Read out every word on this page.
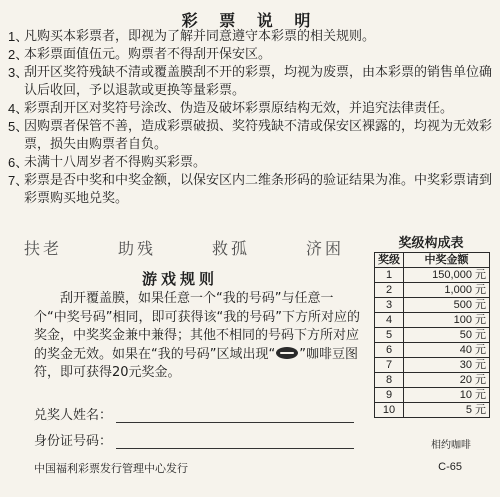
彩 票 说 明
1、
凡购买本彩票者，即视为了解并同意遵守本彩票的相关规则。
2、
本彩票面值伍元。购票者不得刮开保安区。
3、
刮开区奖符残缺不清或覆盖膜刮不开的彩票，均视为废票，由本彩票的销售单位确认后收回，予以退款或更换等量彩票。
4、
彩票刮开区对奖符号涂改、伪造及破坏彩票原结构无效，并追究法律责任。
5、
因购票者保管不善，造成彩票破损、奖符残缺不清或保安区裸露的，均视为无效彩票，损失由购票者自负。
6、
未满十八周岁者不得购买彩票。
7、
彩票是否中奖和中奖金额，以保安区内二维条形码的验证结果为准。中奖彩票请到彩票购买地兑奖。
扶老	助残	救孤	济困
游戏规则

刮开覆盖膜，如果任意一个“我的号码”与任意一个“中奖号码”相同，即可获得该“我的号码”下方所对应的奖金，中奖奖金兼中兼得；其他不相同的号码下方所对应的奖金无效。如果在“我的号码”区域出现“ ”咖啡豆图符，即可获得20元奖金。

兑奖人姓名：
身份证号码：
中国福利彩票发行管理中心发行	C-65
奖级构成表
奖级	中奖金额
1	150,000 元
2	1,000 元
3	500 元
4	100 元
5	50 元
6	40 元
7	30 元
8	20 元
9	10 元
10	5 元
相约咖啡
